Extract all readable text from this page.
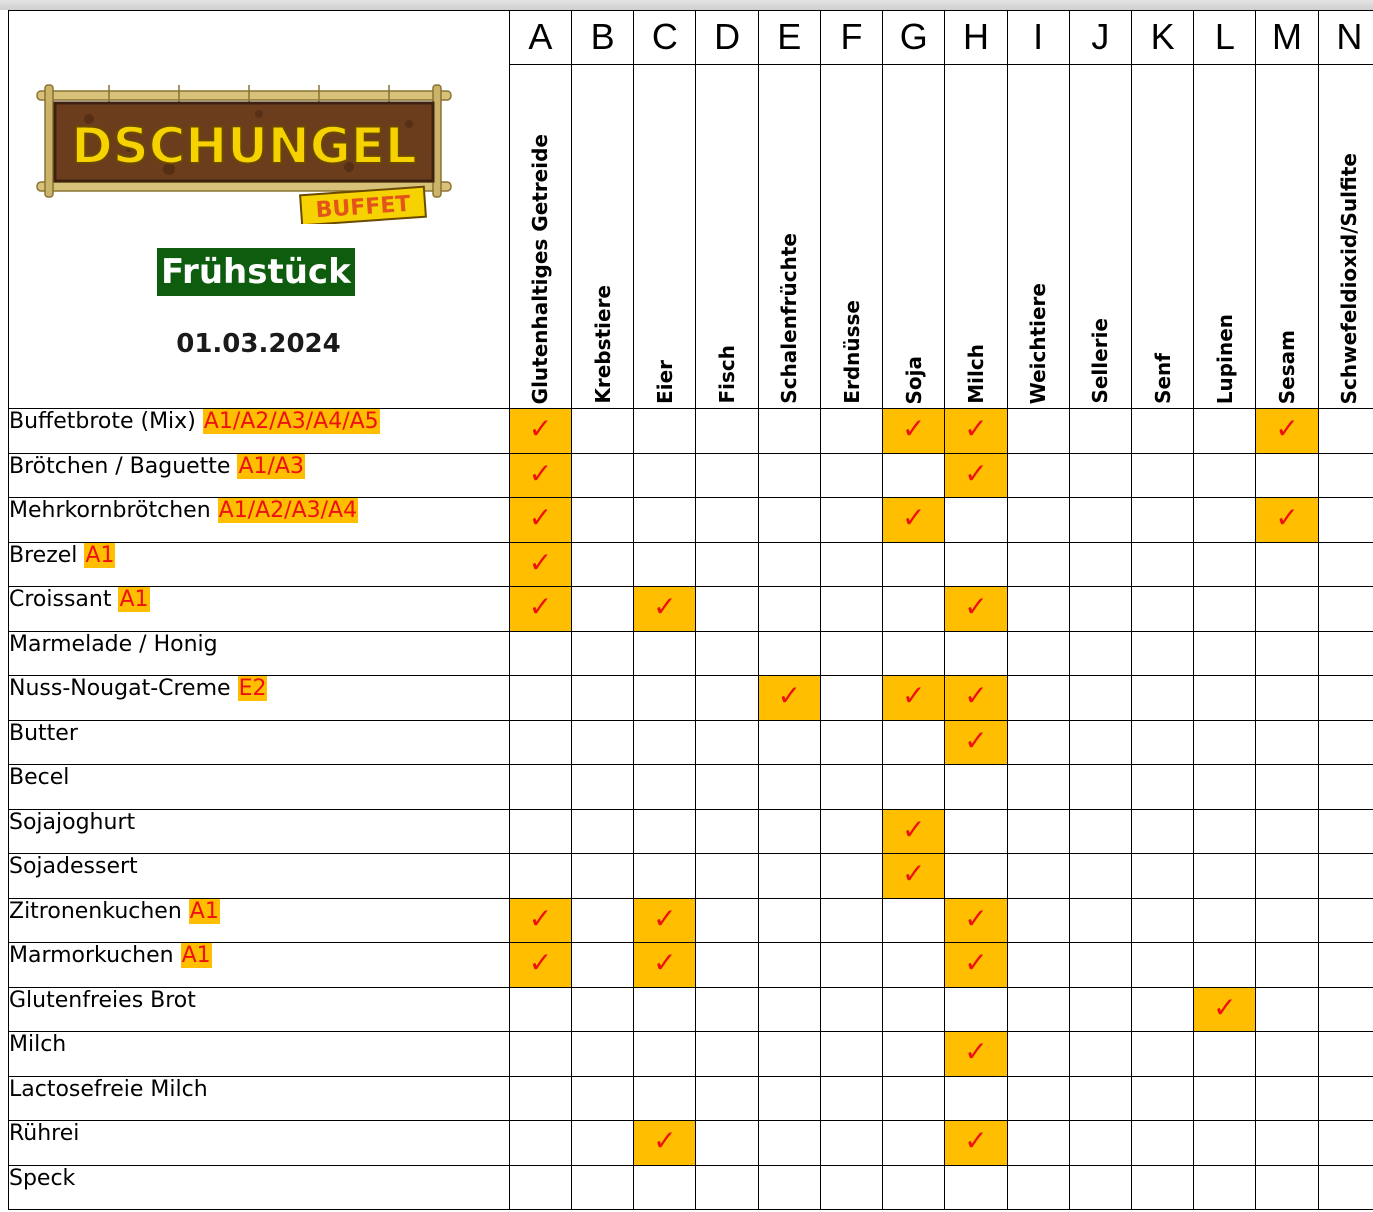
DSCHUNGEL
BUFFET
Frühstück
01.03.2024	A	B	C	D	E	F	G	H	I	J	K	L	M	N

	Glutenhaltiges Getreide	Krebstiere	Eier	Fisch	Schalenfrüchte	Erdnüsse	Soja	Milch	Weichtiere	Sellerie	Senf	Lupinen	Sesam	Schwefeldioxid/Sulfite

Buffetbrote (Mix) A1/A2/A3/A4/A5	✓						✓	✓					✓	
Brötchen / Baguette A1/A3	✓							✓						
Mehrkornbrötchen A1/A2/A3/A4	✓						✓						✓	
Brezel A1	✓													
Croissant A1	✓		✓					✓						
Marmelade / Honig														
Nuss-Nougat-Creme E2					✓		✓	✓						
Butter								✓						
Becel														
Sojajoghurt							✓							
Sojadessert							✓							
Zitronenkuchen A1	✓		✓					✓						
Marmorkuchen A1	✓		✓					✓						
Glutenfreies Brot												✓		
Milch								✓						
Lactosefreie Milch														
Rührei			✓					✓						
Speck														
